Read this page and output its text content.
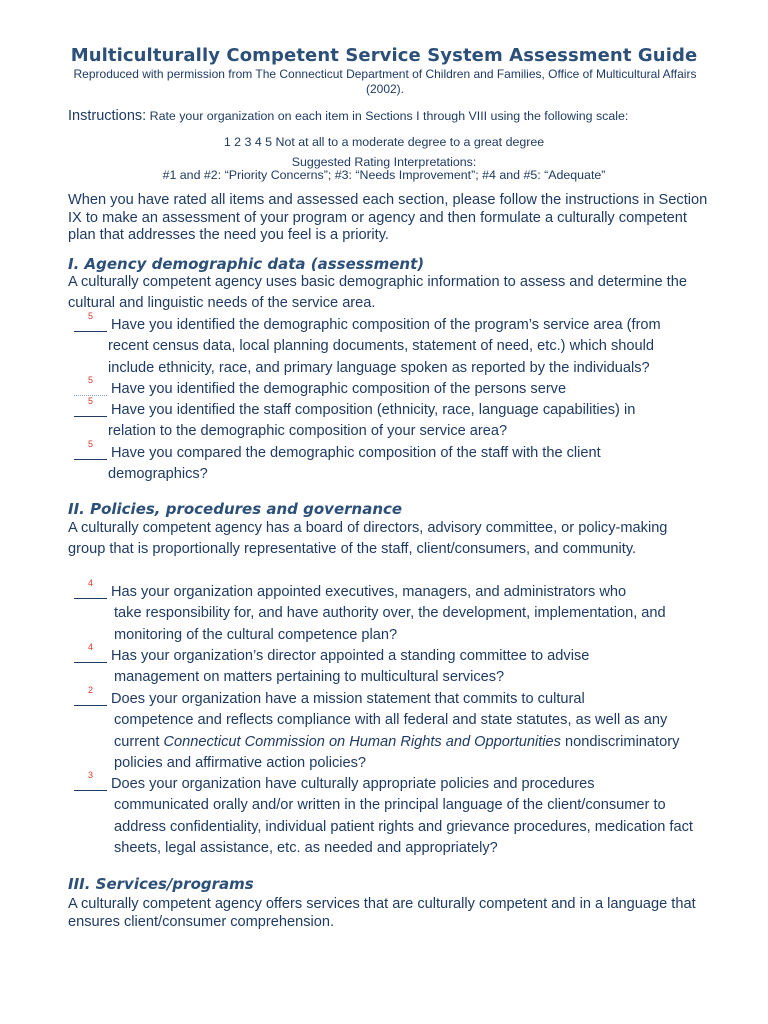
Multiculturally Competent Service System Assessment Guide

Reproduced with permission from The Connecticut Department of Children and Families, Office of Multicultural Affairs (2002).

Instructions: Rate your organization on each item in Sections I through VIII using the following scale:

1 2 3 4 5 Not at all to a moderate degree to a great degree

Suggested Rating Interpretations:
#1 and #2: “Priority Concerns”; #3: “Needs Improvement”; #4 and #5: “Adequate”

When you have rated all items and assessed each section, please follow the instructions in Section IX to make an assessment of your program or agency and then formulate a culturally competent plan that addresses the need you feel is a priority.

I. Agency demographic data (assessment)

A culturally competent agency uses basic demographic information to assess and determine the cultural and linguistic needs of the service area.

5
Have you identified the demographic composition of the program’s service area (from
recent census data, local planning documents, statement of need, etc.) which should include ethnicity, race, and primary language spoken as reported by the individuals?
5
Have you identified the demographic composition of the persons serve
5
Have you identified the staff composition (ethnicity, race, language capabilities) in
relation to the demographic composition of your service area?
5
Have you compared the demographic composition of the staff with the client
demographics?
II. Policies, procedures and governance

A culturally competent agency has a board of directors, advisory committee, or policy-making group that is proportionally representative of the staff, client/consumers, and community.

4
Has your organization appointed executives, managers, and administrators who
take responsibility for, and have authority over, the development, implementation, and monitoring of the cultural competence plan?
4
Has your organization’s director appointed a standing committee to advise
management on matters pertaining to multicultural services?
2
Does your organization have a mission statement that commits to cultural
competence and reflects compliance with all federal and state statutes, as well as any current Connecticut Commission on Human Rights and Opportunities nondiscriminatory policies and affirmative action policies?
3
Does your organization have culturally appropriate policies and procedures
communicated orally and/or written in the principal language of the client/consumer to address confidentiality, individual patient rights and grievance procedures, medication fact sheets, legal assistance, etc. as needed and appropriately?
III. Services/programs

A culturally competent agency offers services that are culturally competent and in a language that ensures client/consumer comprehension.
